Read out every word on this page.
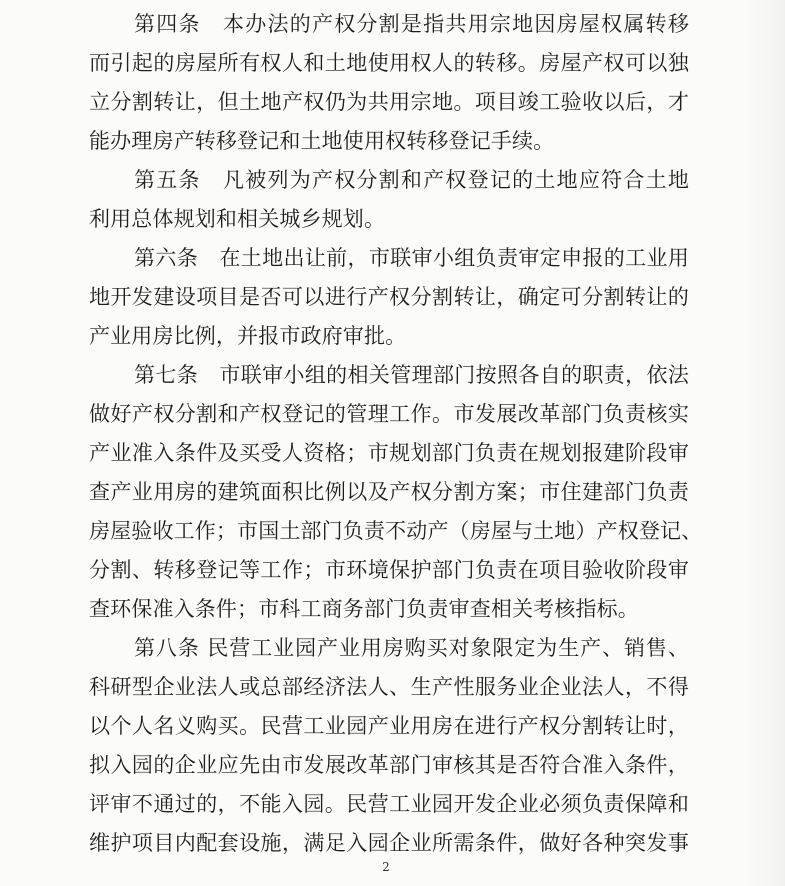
第四条　本办法的产权分割是指共用宗地因房屋权属转移
而引起的房屋所有权人和土地使用权人的转移。房屋产权可以独
立分割转让，但土地产权仍为共用宗地。项目竣工验收以后，才
能办理房产转移登记和土地使用权转移登记手续。
第五条　凡被列为产权分割和产权登记的土地应符合土地
利用总体规划和相关城乡规划。
第六条　在土地出让前，市联审小组负责审定申报的工业用
地开发建设项目是否可以进行产权分割转让，确定可分割转让的
产业用房比例，并报市政府审批。
第七条　市联审小组的相关管理部门按照各自的职责，依法
做好产权分割和产权登记的管理工作。市发展改革部门负责核实
产业准入条件及买受人资格；市规划部门负责在规划报建阶段审
查产业用房的建筑面积比例以及产权分割方案；市住建部门负责
房屋验收工作；市国土部门负责不动产（房屋与土地）产权登记、
分割、转移登记等工作；市环境保护部门负责在项目验收阶段审
查环保准入条件；市科工商务部门负责审查相关考核指标。
第八条 民营工业园产业用房购买对象限定为生产、销售、
科研型企业法人或总部经济法人、生产性服务业企业法人，不得
以个人名义购买。民营工业园产业用房在进行产权分割转让时，
拟入园的企业应先由市发展改革部门审核其是否符合准入条件，
评审不通过的，不能入园。民营工业园开发企业必须负责保障和
维护项目内配套设施，满足入园企业所需条件，做好各种突发事
2
